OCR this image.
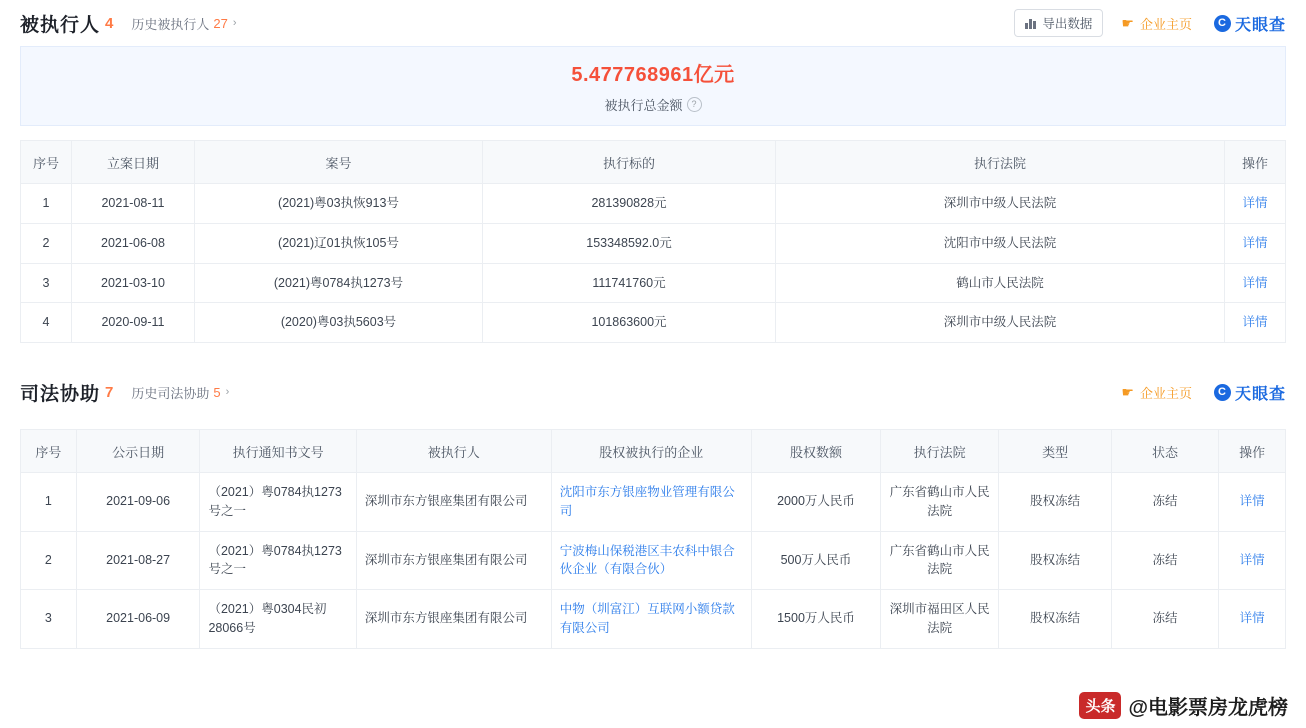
被执行人 4 历史被执行人 27 ›	导出数据 ☛ 企业主页	C 天眼查
5.477768961亿元
被执行总金额 ?
序号	立案日期	案号	执行标的	执行法院	操作
1	2021-08-11	(2021)粤03执恢913号	281390828元	深圳市中级人民法院	详情
2	2021-06-08	(2021)辽01执恢105号	153348592.0元	沈阳市中级人民法院	详情
3	2021-03-10	(2021)粤0784执1273号	111741760元	鹤山市人民法院	详情
4	2020-09-11	(2020)粤03执5603号	101863600元	深圳市中级人民法院	详情
司法协助 7 历史司法协助 5 ›	☛ 企业主页	C 天眼查
序号	公示日期	执行通知书文号	被执行人	股权被执行的企业	股权数额	执行法院	类型	状态	操作
1	2021-09-06	（2021）粤0784执1273号之一	深圳市东方银座集团有限公司	沈阳市东方银座物业管理有限公司	2000万人民币	广东省鹤山市人民法院	股权冻结	冻结	详情
2	2021-08-27	（2021）粤0784执1273号之一	深圳市东方银座集团有限公司	宁波梅山保税港区丰农科中银合伙企业（有限合伙）	500万人民币	广东省鹤山市人民法院	股权冻结	冻结	详情
3	2021-06-09	（2021）粤0304民初28066号	深圳市东方银座集团有限公司	中物（圳富江）互联网小额贷款有限公司	1500万人民币	深圳市福田区人民法院	股权冻结	冻结	详情
头条 @电影票房龙虎榜
